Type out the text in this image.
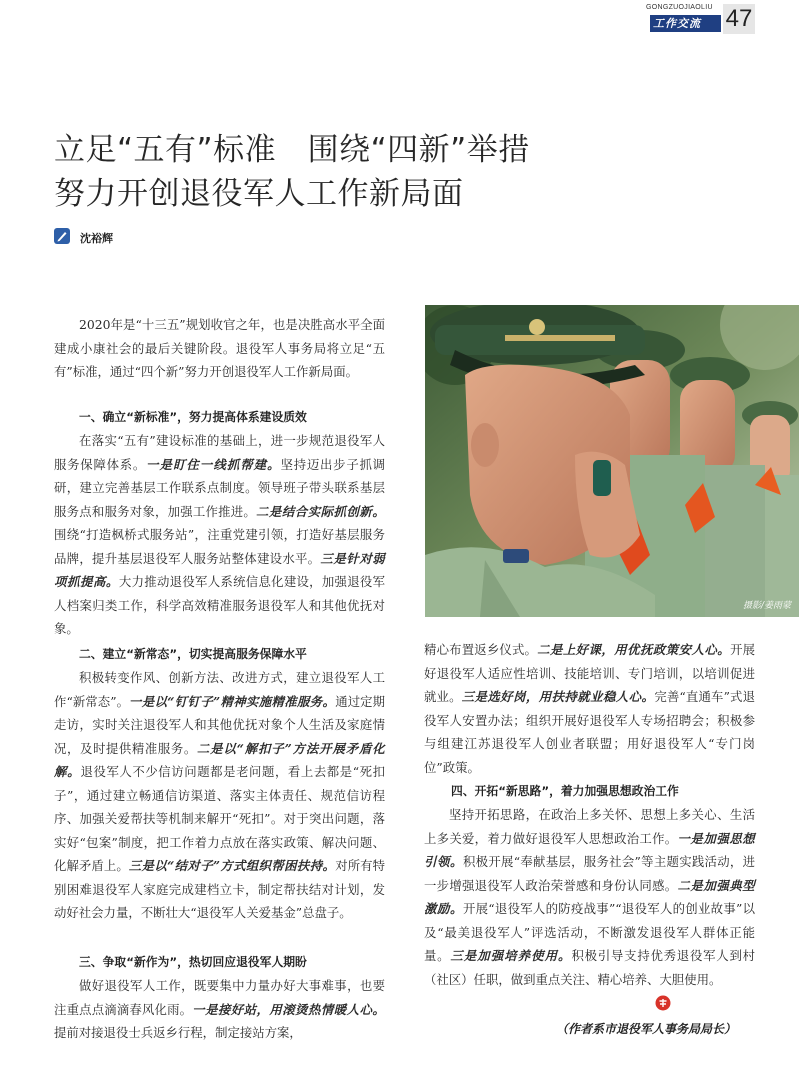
GONGZUOJIAOLIU
工作交流 47
立足“五有”标准　围绕“四新”举措
努力开创退役军人工作新局面
沈裕辉

2020年是“十三五”规划收官之年，也是决胜高水平全面建成小康社会的最后关键阶段。退役军人事务局将立足“五有”标准，通过“四个新”努力开创退役军人工作新局面。

一、确立“新标准”，努力提高体系建设质效

在落实“五有”建设标准的基础上，进一步规范退役军人服务保障体系。一是盯住一线抓帮建。坚持迈出步子抓调研，建立完善基层工作联系点制度。领导班子带头联系基层服务点和服务对象，加强工作推进。二是结合实际抓创新。围绕“打造枫桥式服务站”，注重党建引领，打造好基层服务品牌，提升基层退役军人服务站整体建设水平。三是针对弱项抓提高。大力推动退役军人系统信息化建设，加强退役军人档案归类工作，科学高效精准服务退役军人和其他优抚对象。

二、建立“新常态”，切实提高服务保障水平

积极转变作风、创新方法、改进方式，建立退役军人工作“新常态”。一是以“钉钉子”精神实施精准服务。通过定期走访，实时关注退役军人和其他优抚对象个人生活及家庭情况，及时提供精准服务。二是以“解扣子”方法开展矛盾化解。退役军人不少信访问题都是老问题，看上去都是“死扣子”，通过建立畅通信访渠道、落实主体责任、规范信访程序、加强关爱帮扶等机制来解开“死扣”。对于突出问题，落实好“包案”制度，把工作着力点放在落实政策、解决问题、化解矛盾上。三是以“结对子”方式组织帮困扶持。对所有特别困难退役军人家庭完成建档立卡，制定帮扶结对计划，发动好社会力量，不断壮大“退役军人关爱基金”总盘子。

三、争取“新作为”，热切回应退役军人期盼

做好退役军人工作，既要集中力量办好大事难事，也要注重点点滴滴春风化雨。一是接好站，用滚烫热情暖人心。提前对接退役士兵返乡行程，制定接站方案，

摄影/姜雨蒙

精心布置返乡仪式。二是上好课，用优抚政策安人心。开展好退役军人适应性培训、技能培训、专门培训，以培训促进就业。三是选好岗，用扶持就业稳人心。完善“直通车”式退役军人安置办法；组织开展好退役军人专场招聘会；积极参与组建江苏退役军人创业者联盟；用好退役军人“专门岗位”政策。

四、开拓“新思路”，着力加强思想政治工作

坚持开拓思路，在政治上多关怀、思想上多关心、生活上多关爱，着力做好退役军人思想政治工作。一是加强思想引领。积极开展“奉献基层，服务社会”等主题实践活动，进一步增强退役军人政治荣誉感和身份认同感。二是加强典型激励。开展“退役军人的防疫战事”“退役军人的创业故事”以及“最美退役军人”评选活动，不断激发退役军人群体正能量。三是加强培养使用。积极引导支持优秀退役军人到村（社区）任职，做到重点关注、精心培养、大胆使用。

（作者系市退役军人事务局局长）
